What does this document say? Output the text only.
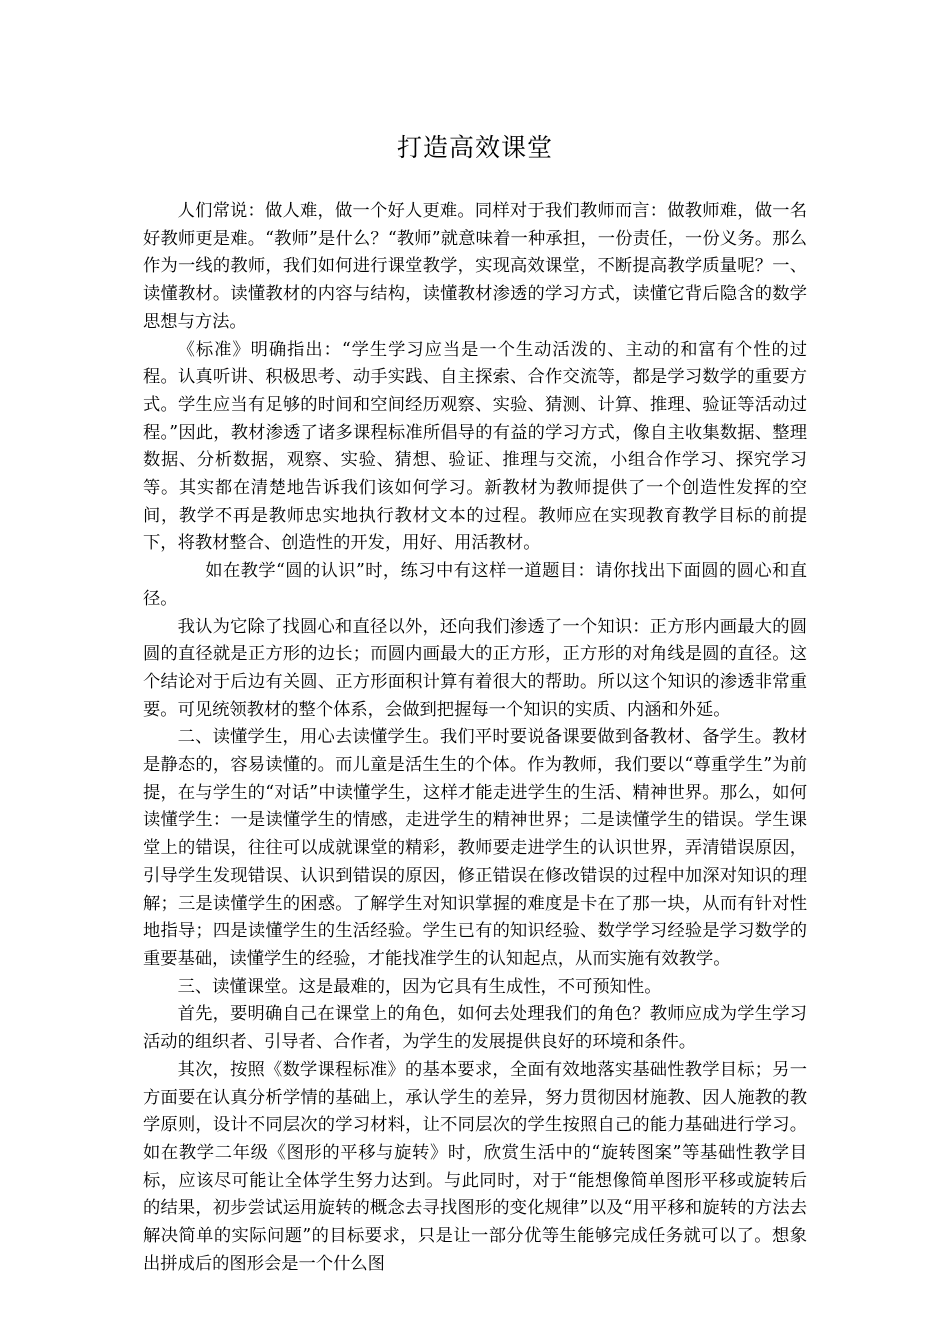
打造高效课堂

人们常说：做人难，做一个好人更难。同样对于我们教师而言：做教师难，做一名好教师更是难。“教师”是什么？“教师”就意味着一种承担，一份责任，一份义务。那么作为一线的教师，我们如何进行课堂教学，实现高效课堂，不断提高教学质量呢？一、读懂教材。读懂教材的内容与结构，读懂教材渗透的学习方式，读懂它背后隐含的数学思想与方法。

《标准》明确指出：“学生学习应当是一个生动活泼的、主动的和富有个性的过程。认真听讲、积极思考、动手实践、自主探索、合作交流等，都是学习数学的重要方式。学生应当有足够的时间和空间经历观察、实验、猜测、计算、推理、验证等活动过程。”因此，教材渗透了诸多课程标准所倡导的有益的学习方式，像自主收集数据、整理数据、分析数据，观察、实验、猜想、验证、推理与交流，小组合作学习、探究学习等。其实都在清楚地告诉我们该如何学习。新教材为教师提供了一个创造性发挥的空间，教学不再是教师忠实地执行教材文本的过程。教师应在实现教育教学目标的前提下，将教材整合、创造性的开发，用好、用活教材。

如在教学“圆的认识”时，练习中有这样一道题目：请你找出下面圆的圆心和直径。

我认为它除了找圆心和直径以外，还向我们渗透了一个知识：正方形内画最大的圆圆的直径就是正方形的边长；而圆内画最大的正方形，正方形的对角线是圆的直径。这个结论对于后边有关圆、正方形面积计算有着很大的帮助。所以这个知识的渗透非常重要。可见统领教材的整个体系，会做到把握每一个知识的实质、内涵和外延。

二、读懂学生，用心去读懂学生。我们平时要说备课要做到备教材、备学生。教材是静态的，容易读懂的。而儿童是活生生的个体。作为教师，我们要以“尊重学生”为前提，在与学生的“对话”中读懂学生，这样才能走进学生的生活、精神世界。那么，如何读懂学生：一是读懂学生的情感，走进学生的精神世界；二是读懂学生的错误。学生课堂上的错误，往往可以成就课堂的精彩，教师要走进学生的认识世界，弄清错误原因，引导学生发现错误、认识到错误的原因，修正错误在修改错误的过程中加深对知识的理解；三是读懂学生的困惑。了解学生对知识掌握的难度是卡在了那一块，从而有针对性地指导；四是读懂学生的生活经验。学生已有的知识经验、数学学习经验是学习数学的重要基础，读懂学生的经验，才能找准学生的认知起点，从而实施有效教学。

三、读懂课堂。这是最难的，因为它具有生成性，不可预知性。

首先，要明确自己在课堂上的角色，如何去处理我们的角色？教师应成为学生学习活动的组织者、引导者、合作者，为学生的发展提供良好的环境和条件。

其次，按照《数学课程标准》的基本要求，全面有效地落实基础性教学目标；另一方面要在认真分析学情的基础上，承认学生的差异，努力贯彻因材施教、因人施教的教学原则，设计不同层次的学习材料，让不同层次的学生按照自己的能力基础进行学习。如在教学二年级《图形的平移与旋转》时，欣赏生活中的“旋转图案”等基础性教学目标，应该尽可能让全体学生努力达到。与此同时，对于“能想像简单图形平移或旋转后的结果，初步尝试运用旋转的概念去寻找图形的变化规律”以及“用平移和旋转的方法去解决简单的实际问题”的目标要求，只是让一部分优等生能够完成任务就可以了。想象出拼成后的图形会是一个什么图
